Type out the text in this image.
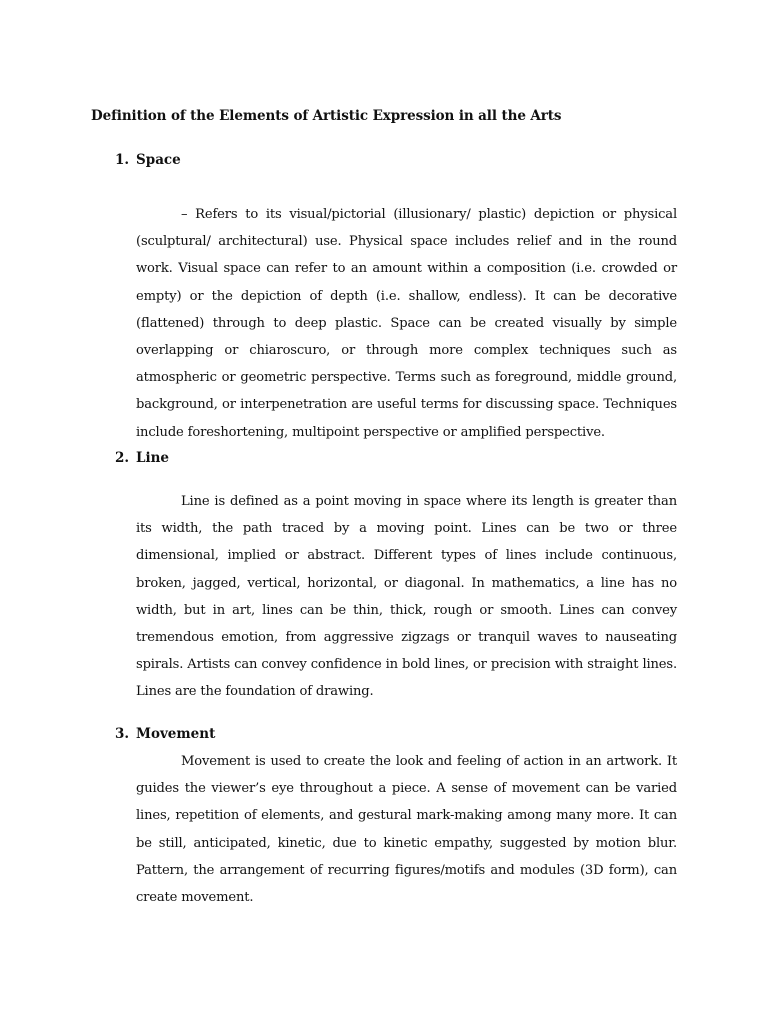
Definition of the Elements of Artistic Expression in all the Arts
1. Space

– Refers to its visual/pictorial (illusionary/ plastic) depiction or physical (sculptural/ architectural) use. Physical space includes relief and in the round work. Visual space can refer to an amount within a composition (i.e. crowded or empty) or the depiction of depth (i.e. shallow, endless). It can be decorative (flattened) through to deep plastic. Space can be created visually by simple overlapping or chiaroscuro, or through more complex techniques such as atmospheric or geometric perspective. Terms such as foreground, middle ground, background, or interpenetration are useful terms for discussing space. Techniques include foreshortening, multipoint perspective or amplified perspective.

2. Line

Line is defined as a point moving in space where its length is greater than its width, the path traced by a moving point. Lines can be two or three dimensional, implied or abstract. Different types of lines include continuous, broken, jagged, vertical, horizontal, or diagonal. In mathematics, a line has no width, but in art, lines can be thin, thick, rough or smooth. Lines can convey tremendous emotion, from aggressive zigzags or tranquil waves to nauseating spirals. Artists can convey confidence in bold lines, or precision with straight lines. Lines are the foundation of drawing.

3. Movement

Movement is used to create the look and feeling of action in an artwork. It guides the viewer’s eye throughout a piece. A sense of movement can be varied lines, repetition of elements, and gestural mark-making among many more. It can be still, anticipated, kinetic, due to kinetic empathy, suggested by motion blur. Pattern, the arrangement of recurring figures/motifs and modules (3D form), can create movement.
